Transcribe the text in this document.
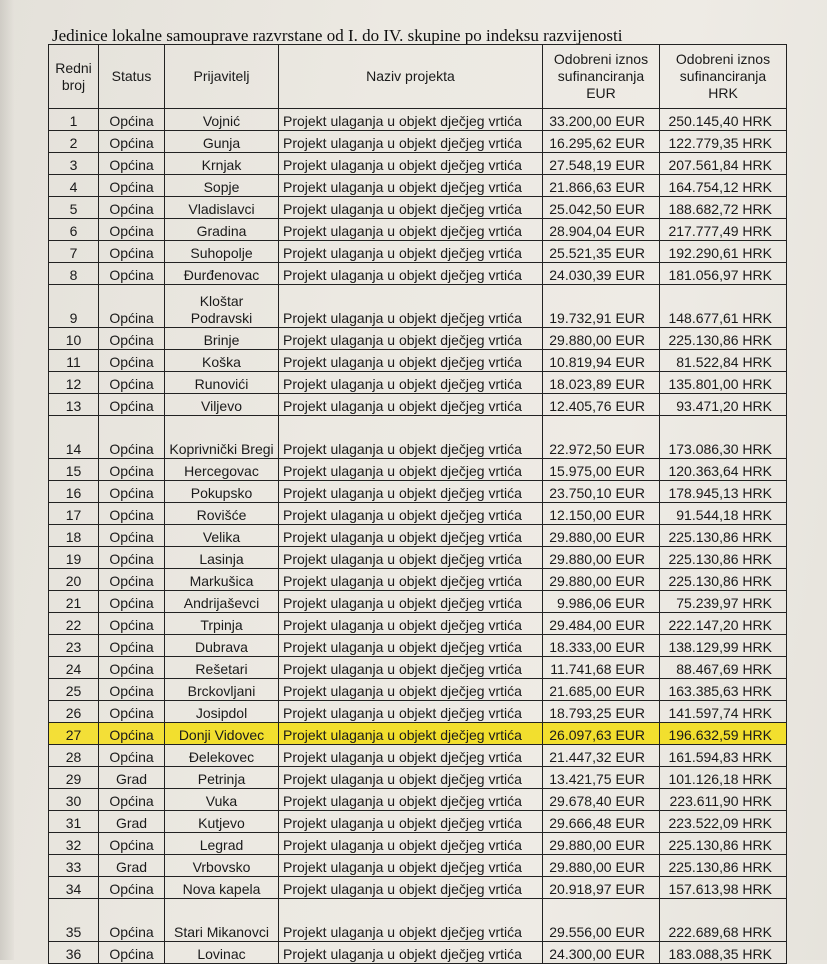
Jedinice lokalne samouprave razvrstane od I. do IV. skupine po indeksu razvijenosti
Redni broj	Status	Prijavitelj	Naziv projekta	Odobreni iznos sufinanciranja EUR	Odobreni iznos sufinanciranja HRK
1	Općina	Vojnić	Projekt ulaganja u objekt dječjeg vrtića	33.200,00 EUR	250.145,40 HRK
2	Općina	Gunja	Projekt ulaganja u objekt dječjeg vrtića	16.295,62 EUR	122.779,35 HRK
3	Općina	Krnjak	Projekt ulaganja u objekt dječjeg vrtića	27.548,19 EUR	207.561,84 HRK
4	Općina	Sopje	Projekt ulaganja u objekt dječjeg vrtića	21.866,63 EUR	164.754,12 HRK
5	Općina	Vladislavci	Projekt ulaganja u objekt dječjeg vrtića	25.042,50 EUR	188.682,72 HRK
6	Općina	Gradina	Projekt ulaganja u objekt dječjeg vrtića	28.904,04 EUR	217.777,49 HRK
7	Općina	Suhopolje	Projekt ulaganja u objekt dječjeg vrtića	25.521,35 EUR	192.290,61 HRK
8	Općina	Đurđenovac	Projekt ulaganja u objekt dječjeg vrtića	24.030,39 EUR	181.056,97 HRK
9	Općina	Kloštar Podravski	Projekt ulaganja u objekt dječjeg vrtića	19.732,91 EUR	148.677,61 HRK
10	Općina	Brinje	Projekt ulaganja u objekt dječjeg vrtića	29.880,00 EUR	225.130,86 HRK
11	Općina	Koška	Projekt ulaganja u objekt dječjeg vrtića	10.819,94 EUR	81.522,84 HRK
12	Općina	Runovići	Projekt ulaganja u objekt dječjeg vrtića	18.023,89 EUR	135.801,00 HRK
13	Općina	Viljevo	Projekt ulaganja u objekt dječjeg vrtića	12.405,76 EUR	93.471,20 HRK
14	Općina	Koprivnički Bregi	Projekt ulaganja u objekt dječjeg vrtića	22.972,50 EUR	173.086,30 HRK
15	Općina	Hercegovac	Projekt ulaganja u objekt dječjeg vrtića	15.975,00 EUR	120.363,64 HRK
16	Općina	Pokupsko	Projekt ulaganja u objekt dječjeg vrtića	23.750,10 EUR	178.945,13 HRK
17	Općina	Rovišće	Projekt ulaganja u objekt dječjeg vrtića	12.150,00 EUR	91.544,18 HRK
18	Općina	Velika	Projekt ulaganja u objekt dječjeg vrtića	29.880,00 EUR	225.130,86 HRK
19	Općina	Lasinja	Projekt ulaganja u objekt dječjeg vrtića	29.880,00 EUR	225.130,86 HRK
20	Općina	Markušica	Projekt ulaganja u objekt dječjeg vrtića	29.880,00 EUR	225.130,86 HRK
21	Općina	Andrijaševci	Projekt ulaganja u objekt dječjeg vrtića	9.986,06 EUR	75.239,97 HRK
22	Općina	Trpinja	Projekt ulaganja u objekt dječjeg vrtića	29.484,00 EUR	222.147,20 HRK
23	Općina	Dubrava	Projekt ulaganja u objekt dječjeg vrtića	18.333,00 EUR	138.129,99 HRK
24	Općina	Rešetari	Projekt ulaganja u objekt dječjeg vrtića	11.741,68 EUR	88.467,69 HRK
25	Općina	Brckovljani	Projekt ulaganja u objekt dječjeg vrtića	21.685,00 EUR	163.385,63 HRK
26	Općina	Josipdol	Projekt ulaganja u objekt dječjeg vrtića	18.793,25 EUR	141.597,74 HRK
27	Općina	Donji Vidovec	Projekt ulaganja u objekt dječjeg vrtića	26.097,63 EUR	196.632,59 HRK
28	Općina	Đelekovec	Projekt ulaganja u objekt dječjeg vrtića	21.447,32 EUR	161.594,83 HRK
29	Grad	Petrinja	Projekt ulaganja u objekt dječjeg vrtića	13.421,75 EUR	101.126,18 HRK
30	Općina	Vuka	Projekt ulaganja u objekt dječjeg vrtića	29.678,40 EUR	223.611,90 HRK
31	Grad	Kutjevo	Projekt ulaganja u objekt dječjeg vrtića	29.666,48 EUR	223.522,09 HRK
32	Općina	Legrad	Projekt ulaganja u objekt dječjeg vrtića	29.880,00 EUR	225.130,86 HRK
33	Grad	Vrbovsko	Projekt ulaganja u objekt dječjeg vrtića	29.880,00 EUR	225.130,86 HRK
34	Općina	Nova kapela	Projekt ulaganja u objekt dječjeg vrtića	20.918,97 EUR	157.613,98 HRK
35	Općina	Stari Mikanovci	Projekt ulaganja u objekt dječjeg vrtića	29.556,00 EUR	222.689,68 HRK
36	Općina	Lovinac	Projekt ulaganja u objekt dječjeg vrtića	24.300,00 EUR	183.088,35 HRK
